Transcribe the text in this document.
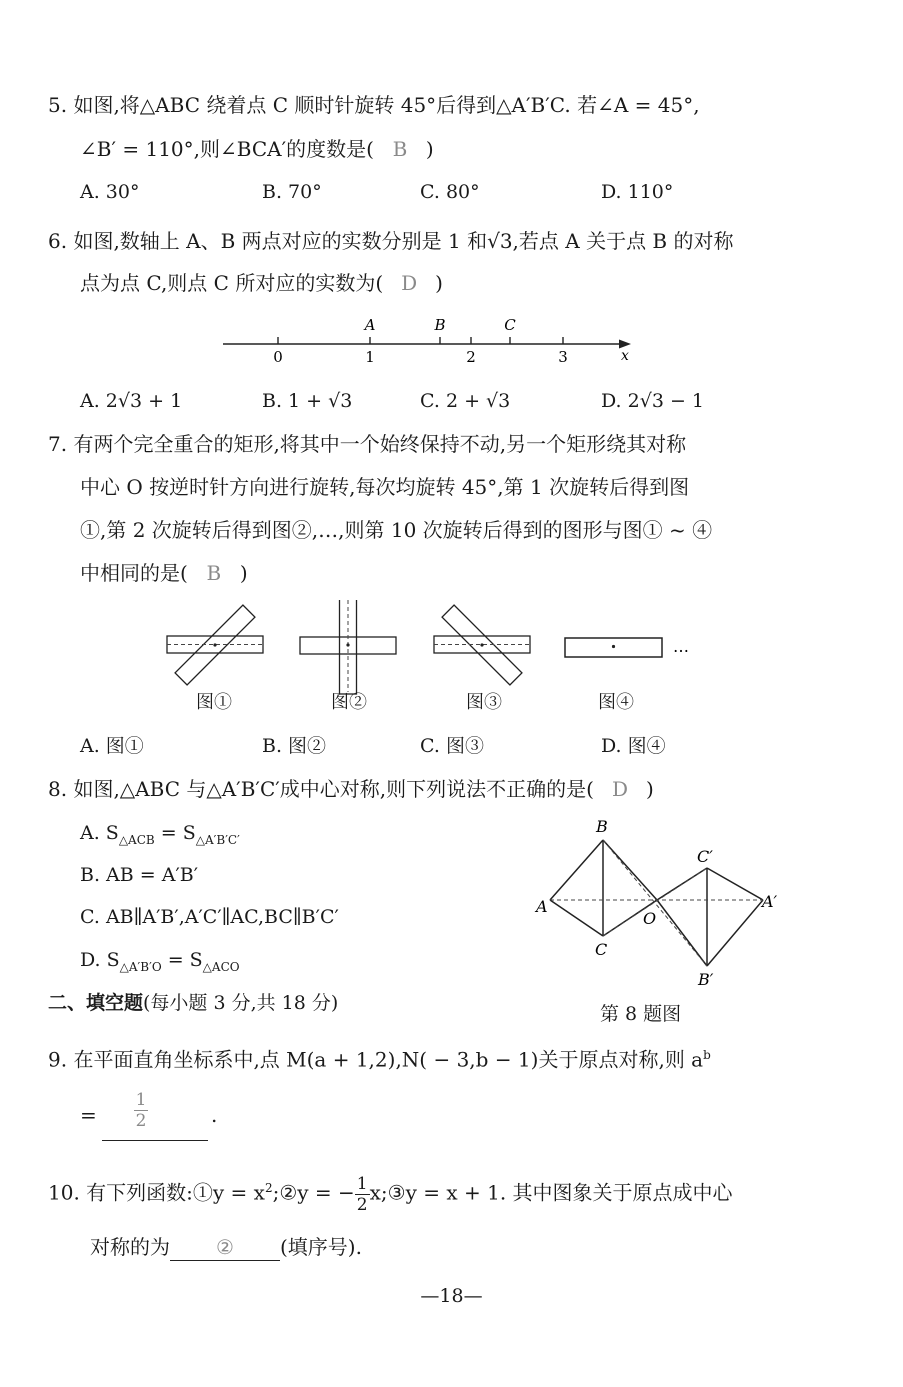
5. 如图,将△ABC 绕着点 C 顺时针旋转 45°后得到△A′B′C. 若∠A = 45°,
∠B′ = 110°,则∠BCA′的度数是( B )
A. 30°	B. 70°	C. 80°	D. 110°
6. 如图,数轴上 A、B 两点对应的实数分别是 1 和√3,若点 A 关于点 B 的对称
点为点 C,则点 C 所对应的实数为( D )
0	1	2	3
A	B	C
x
A. 2√3 + 1	B. 1 + √3	C. 2 + √3	D. 2√3 − 1
7. 有两个完全重合的矩形,将其中一个始终保持不动,另一个矩形绕其对称
中心 O 按逆时针方向进行旋转,每次均旋转 45°,第 1 次旋转后得到图
①,第 2 次旋转后得到图②,…,则第 10 次旋转后得到的图形与图① ~ ④
中相同的是( B )
…
图①	图②	图③	图④
A. 图①	B. 图②	C. 图③	D. 图④
8. 如图,△ABC 与△A′B′C′成中心对称,则下列说法不正确的是( D )
A. $S_{\triangle ACB} = S_{\triangle A'B'C'}$
B. AB = A′B′
C. AB∥A′B′,A′C′∥AC,BC∥B′C′
D. $S_{\triangle A'B'O} = S_{\triangle ACO}$
B
A
C
O
C′
A′
B′
二、填空题(每小题 3 分,共 18 分)	第 8 题图
9. 在平面直角坐标系中,点 M(a + 1,2),N( − 3,b − 1)关于原点对称,则 $a^b$
= $\frac{1}{2}$	.
10. 有下列函数:①y = $x^2;②y$ = − $\frac{1}{2}$ x;③y = x + 1. 其中图象关于原点成中心
对称的为 ② (填序号).
—18—
